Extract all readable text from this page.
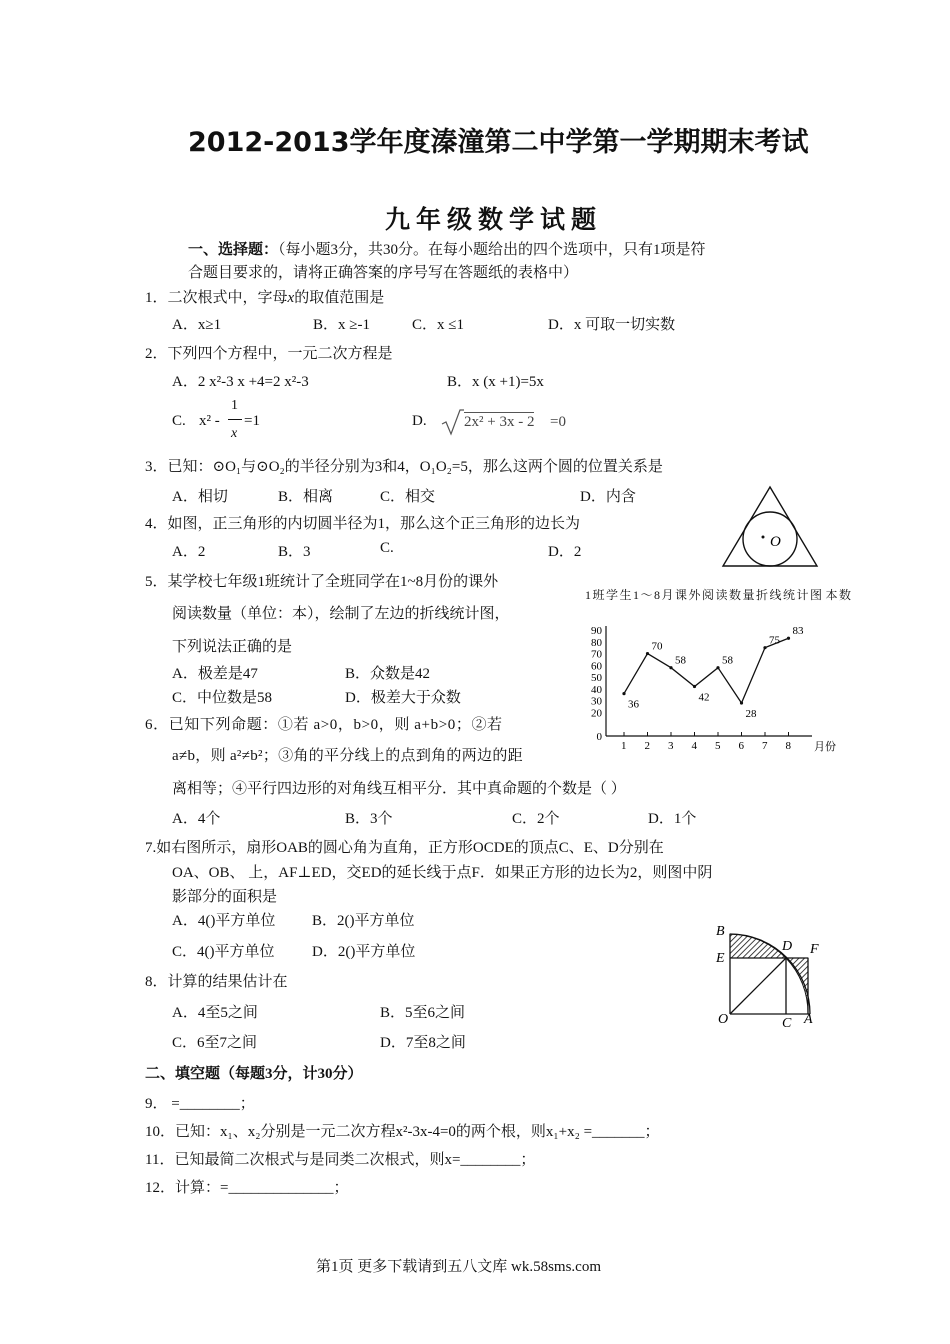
2012-2013学年度溱潼第二中学第一学期期末考试
九年级数学试题
一、选择题：（每小题3分，共30分。在每小题给出的四个选项中，只有1项是符
合题目要求的，请将正确答案的序号写在答题纸的表格中）
1．二次根式中，字母x的取值范围是
A．x≥1	B．x ≥-1	C．x ≤1	D．x 可取一切实数
2．下列四个方程中，一元二次方程是
A．2 x²-3 x +4=2 x²-3	B．x (x +1)=5x
C. x² -
1
x
=1	D. 2x² + 3x - 2 =0
3．已知：⊙O₁与⊙O₂的半径分别为3和4，O₁O₂=5，那么这两个圆的位置关系是
A．相切	B．相离	C．相交	D．内含
4．如图，正三角形的内切圆半径为1，那么这个正三角形的边长为
A．2	B．3	C.	D．2
O
5．某学校七年级1班统计了全班同学在1~8月份的课外
阅读数量（单位：本），绘制了左边的折线统计图，
下列说法正确的是
A．极差是47	B．众数是42
C．中位数是58	D．极差大于众数
1班学生1～8月课外阅读数量折线统计图 本数
0
20
30
40
50
60
70
80
90
1 2 3 4 5 6 7 8 月份
36
70
58
42
58
28
75
83
6．已知下列命题：①若 a>0，b>0，则 a+b>0；②若
a≠b，则 a²≠b²；③角的平分线上的点到角的两边的距
离相等；④平行四边形的对角线互相平分．其中真命题的个数是（ ）
A．4个	B．3个	C．2个	D．1个
7.如右图所示，扇形OAB的圆心角为直角，正方形OCDE的顶点C、E、D分别在
OA、OB、 上，AF⊥ED，交ED的延长线于点F．如果正方形的边长为2，则图中阴
影部分的面积是
A．4()平方单位 B．2()平方单位
C．4()平方单位	D．2()平方单位
B
D F
E
O	C A
8．计算的结果估计在
A．4至5之间	B．5至6之间
C．6至7之间	D．7至8之间
二、填空题（每题3分，计30分）
9． =________；
10．已知：x₁、x₂分别是一元二次方程x²-3x-4=0的两个根，则x₁+x₂ =_______；
11．已知最简二次根式与是同类二次根式，则x=________；
12．计算：=______________；
第1页 更多下载请到五八文库 wk.58sms.com
